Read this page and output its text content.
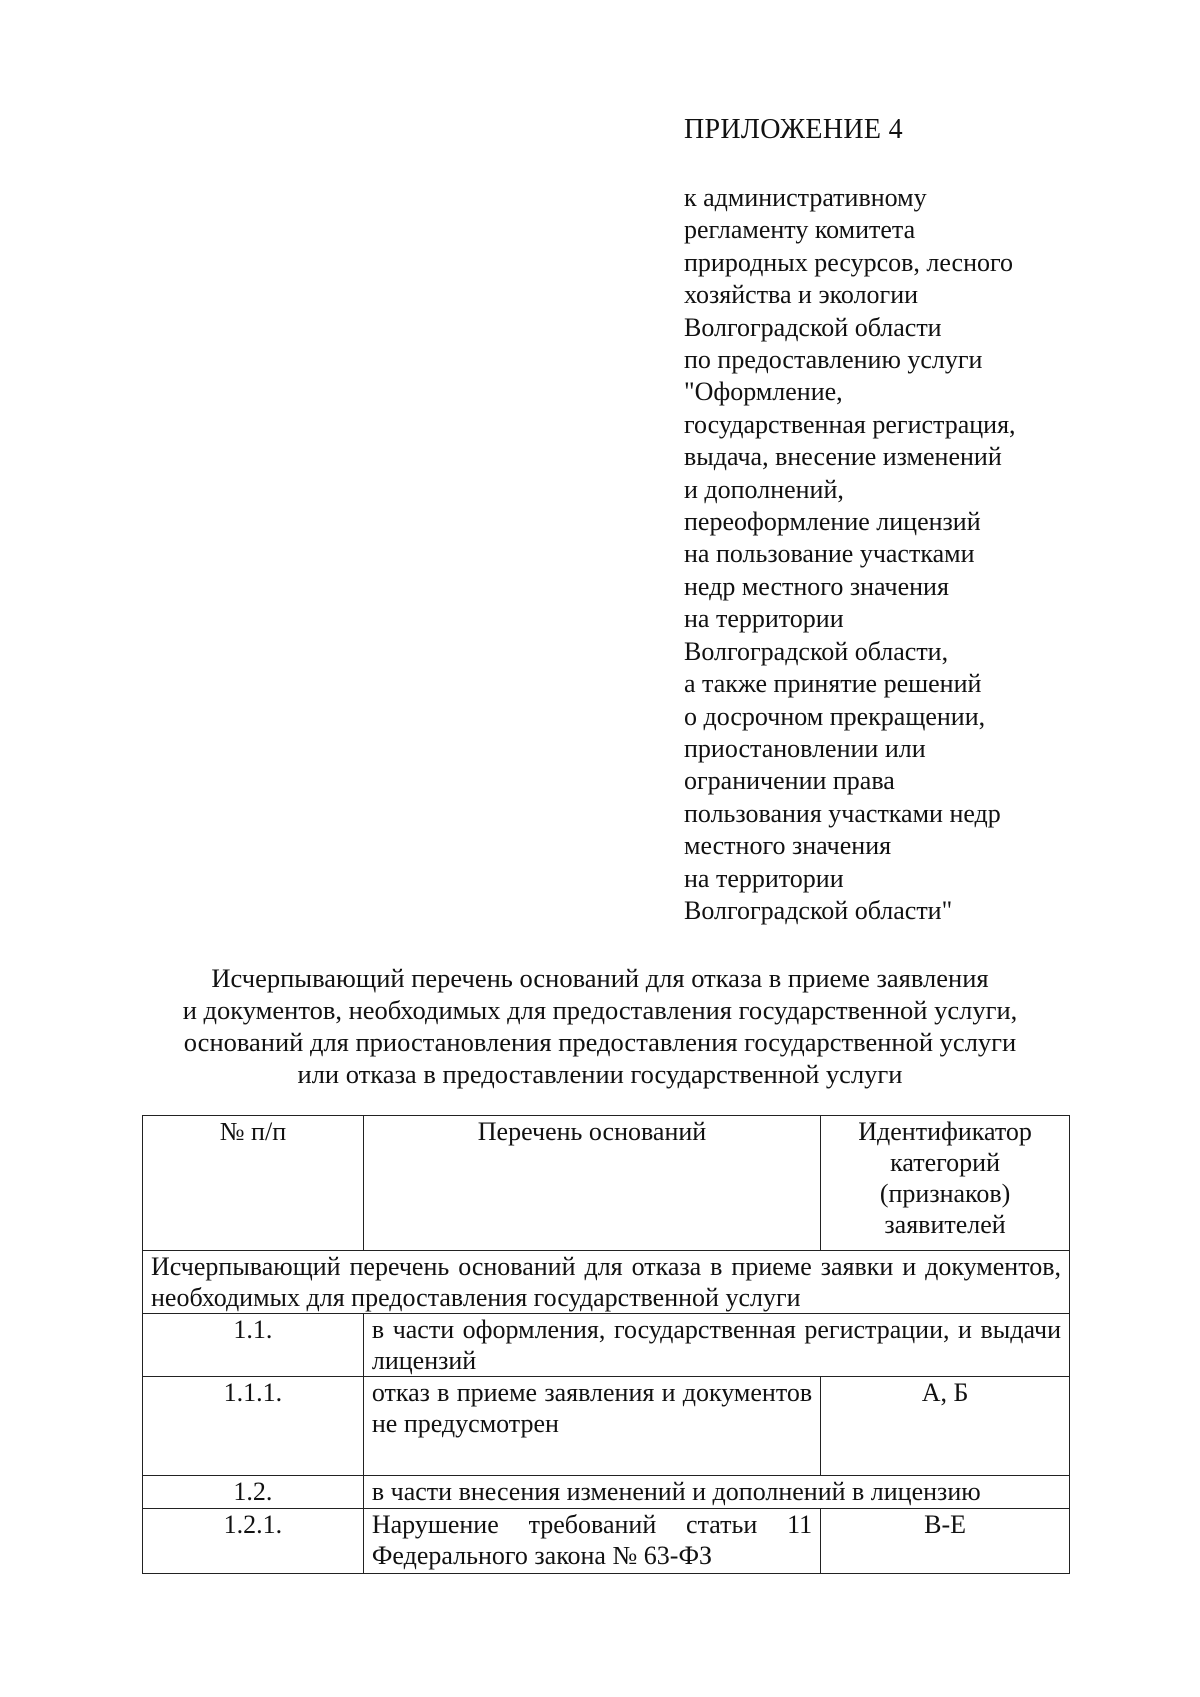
ПРИЛОЖЕНИЕ 4
к административному
регламенту комитета
природных ресурсов, лесного
хозяйства и экологии
Волгоградской области
по предоставлению услуги
"Оформление,
государственная регистрация,
выдача, внесение изменений
и дополнений,
переоформление лицензий
на пользование участками
недр местного значения
на территории
Волгоградской области,
а также принятие решений
о досрочном прекращении,
приостановлении или
ограничении права
пользования участками недр
местного значения
на территории
Волгоградской области"
Исчерпывающий перечень оснований для отказа в приеме заявления
и документов, необходимых для предоставления государственной услуги,
оснований для приостановления предоставления государственной услуги
или отказа в предоставлении государственной услуги
№ п/п	Перечень оснований	Идентификатор категорий (признаков) заявителей
Исчерпывающий перечень оснований для отказа в приеме заявки и документов, необходимых для предоставления государственной услуги		
1.1.	в части оформления, государственная регистрации, и выдачи лицензий	
1.1.1.	отказ в приеме заявления и документов не предусмотрен	А, Б
1.2.	в части внесения изменений и дополнений в лицензию	
1.2.1.	Нарушение требований статьи 11 Федерального закона № 63-ФЗ	В-Е
